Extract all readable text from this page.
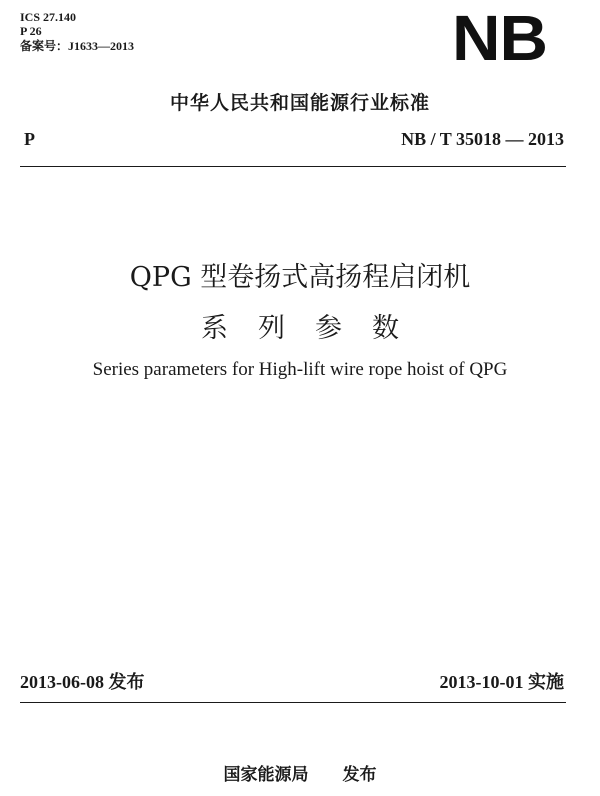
ICS 27.140
P 26
备案号：J1633—2013	NB
中华人民共和国能源行业标准
P	NB / T 35018 — 2013
QPG 型卷扬式高扬程启闭机
系列参数
Series parameters for High-lift wire rope hoist of QPG
2013-06-08 发布	2013-10-01 实施
国家能源局 发布
